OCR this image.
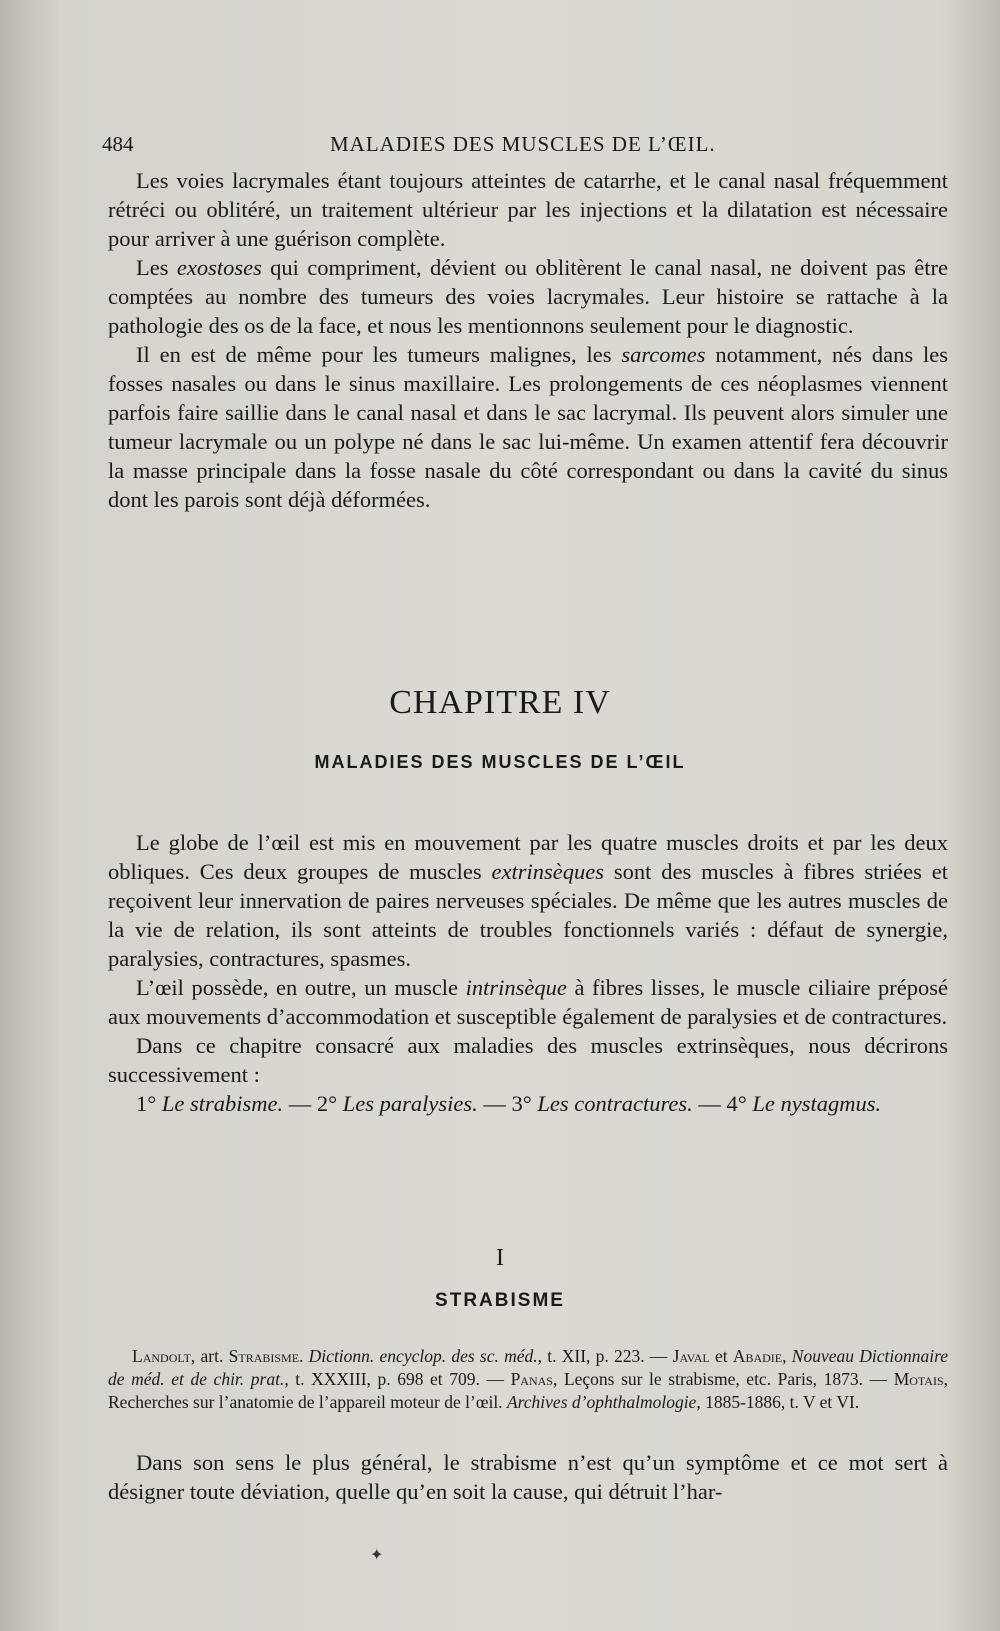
484	MALADIES DES MUSCLES DE L’ŒIL.

Les voies lacrymales étant toujours atteintes de catarrhe, et le canal nasal fréquemment rétréci ou oblitéré, un traitement ultérieur par les injections et la dilatation est nécessaire pour arriver à une guérison complète.

Les exostoses qui compriment, dévient ou oblitèrent le canal nasal, ne doivent pas être comptées au nombre des tumeurs des voies lacrymales. Leur histoire se rattache à la pathologie des os de la face, et nous les mentionnons seulement pour le diagnostic.

Il en est de même pour les tumeurs malignes, les sarcomes notamment, nés dans les fosses nasales ou dans le sinus maxillaire. Les prolongements de ces néoplasmes viennent parfois faire saillie dans le canal nasal et dans le sac lacrymal. Ils peuvent alors simuler une tumeur lacrymale ou un polype né dans le sac lui-même. Un examen attentif fera découvrir la masse principale dans la fosse nasale du côté correspondant ou dans la cavité du sinus dont les parois sont déjà déformées.

CHAPITRE IV
MALADIES DES MUSCLES DE L’ŒIL

Le globe de l’œil est mis en mouvement par les quatre muscles droits et par les deux obliques. Ces deux groupes de muscles extrinsèques sont des muscles à fibres striées et reçoivent leur innervation de paires nerveuses spéciales. De même que les autres muscles de la vie de relation, ils sont atteints de troubles fonctionnels variés : défaut de synergie, paralysies, contractures, spasmes.

L’œil possède, en outre, un muscle intrinsèque à fibres lisses, le muscle ciliaire préposé aux mouvements d’accommodation et susceptible également de paralysies et de contractures.

Dans ce chapitre consacré aux maladies des muscles extrinsèques, nous décrirons successivement :

1° Le strabisme. — 2° Les paralysies. — 3° Les contractures. — 4° Le nystagmus.

I
STRABISME

Landolt, art. Strabisme. Dictionn. encyclop. des sc. méd., t. XII, p. 223. — Javal et Abadie, Nouveau Dictionnaire de méd. et de chir. prat., t. XXXIII, p. 698 et 709. — Panas, Leçons sur le strabisme, etc. Paris, 1873. — Motais, Recherches sur l’anatomie de l’appareil moteur de l’œil. Archives d’ophthalmologie, 1885-1886, t. V et VI.

Dans son sens le plus général, le strabisme n’est qu’un symptôme et ce mot sert à désigner toute déviation, quelle qu’en soit la cause, qui détruit l’har-

✦
